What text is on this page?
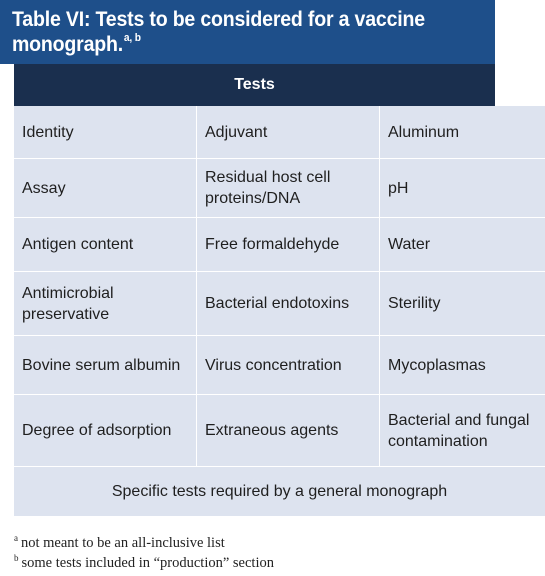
Table VI: Tests to be considered for a vaccine monograph.$^{a, b}$
Tests
Identity	Adjuvant	Aluminum
Assay	Residual host cell proteins/DNA	pH
Antigen content	Free formaldehyde	Water
Antimicrobial preservative	Bacterial endotoxins	Sterility
Bovine serum albumin	Virus concentration	Mycoplasmas
Degree of adsorption	Extraneous agents	Bacterial and fungal contamination
Specific tests required by a general monograph		
$^a$ not meant to be an all-inclusive list
$^b$ some tests included in “production” section
